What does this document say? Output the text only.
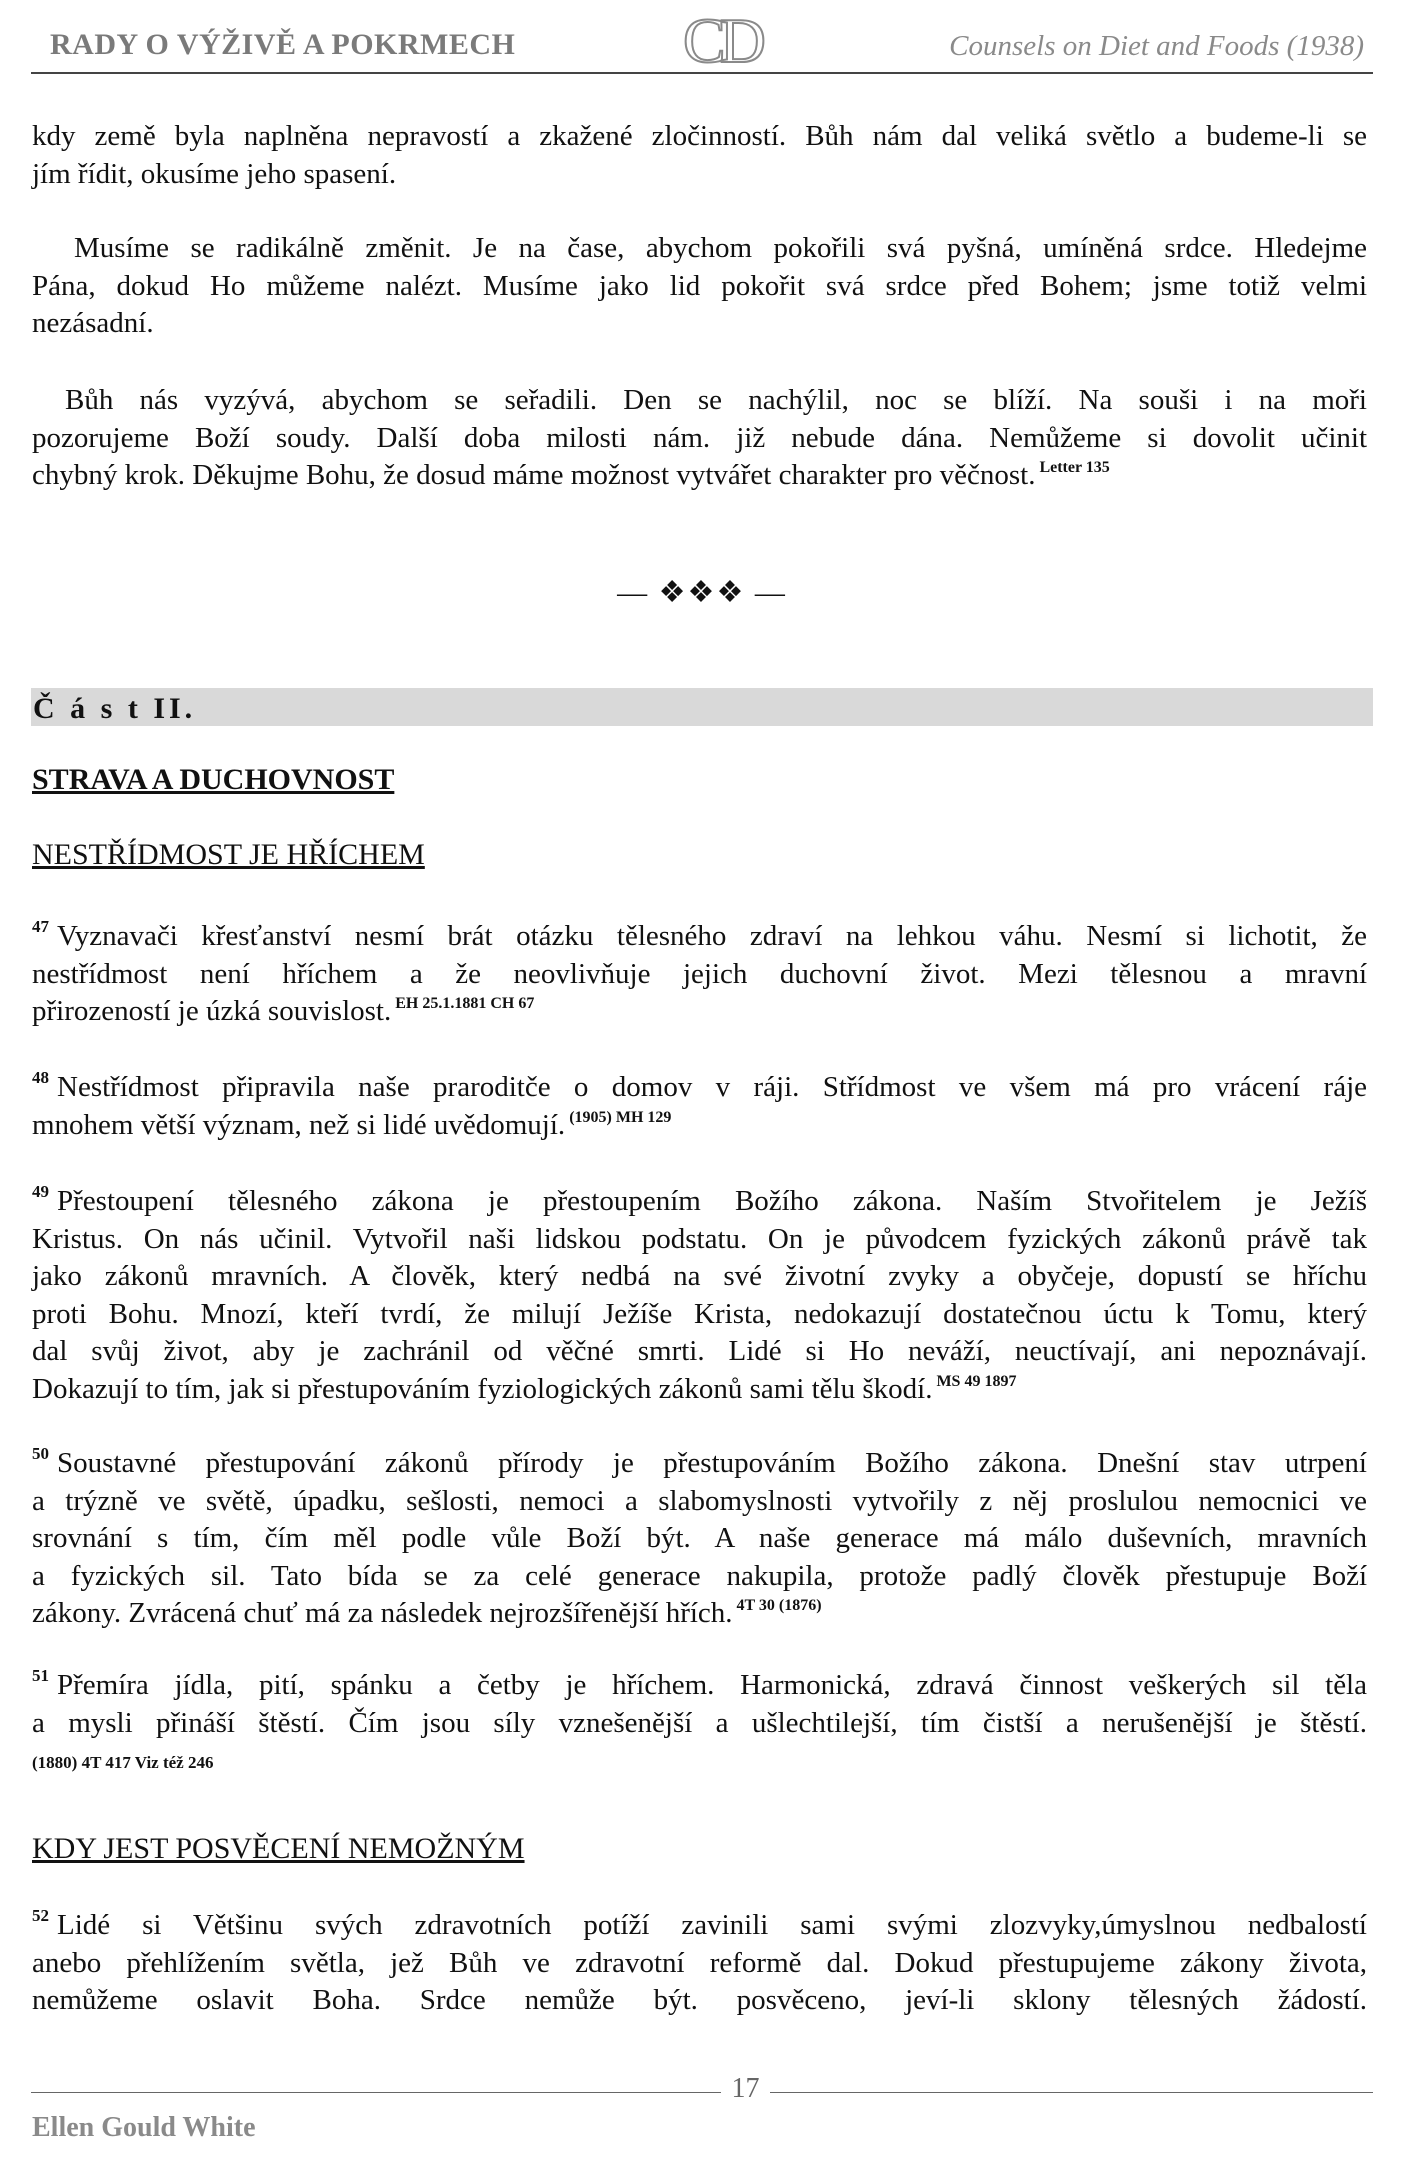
RADY O VÝŽIVĚ A POKRMECH	CD	Counsels on Diet and Foods (1938)
kdy země byla naplněna nepravostí a zkažené zločinností. Bůh nám dal veliká světlo a budeme-li se
jím řídit, okusíme jeho spasení.
Musíme se radikálně změnit. Je na čase, abychom pokořili svá pyšná, umíněná srdce. Hledejme
Pána, dokud Ho můžeme nalézt. Musíme jako lid pokořit svá srdce před Bohem; jsme totiž velmi
nezásadní.
Bůh nás vyzývá, abychom se seřadili. Den se nachýlil, noc se blíží. Na souši i na moři
pozorujeme Boží soudy. Další doba milosti nám. již nebude dána. Nemůžeme si dovolit učinit
chybný krok. Děkujme Bohu, že dosud máme možnost vytvářet charakter pro věčnost. $^{Letter 135}$
— ❖❖❖ —
Č á s t II.
STRAVA A DUCHOVNOST
NESTŘÍDMOST JE HŘÍCHEM
$^{47}$ Vyznavači křesťanství nesmí brát otázku tělesného zdraví na lehkou váhu. Nesmí si lichotit, že
nestřídmost není hříchem a že neovlivňuje jejich duchovní život. Mezi tělesnou a mravní
přirozeností je úzká souvislost. $^{EH 25.1.1881 CH 67}$
$^{48}$ Nestřídmost připravila naše praroditče o domov v ráji. Střídmost ve všem má pro vrácení ráje
mnohem větší význam, než si lidé uvědomují. $^{(1905) MH 129}$
$^{49}$ Přestoupení tělesného zákona je přestoupením Božího zákona. Naším Stvořitelem je Ježíš
Kristus. On nás učinil. Vytvořil naši lidskou podstatu. On je původcem fyzických zákonů právě tak
jako zákonů mravních. A člověk, který nedbá na své životní zvyky a obyčeje, dopustí se hříchu
proti Bohu. Mnozí, kteří tvrdí, že milují Ježíše Krista, nedokazují dostatečnou úctu k Tomu, který
dal svůj život, aby je zachránil od věčné smrti. Lidé si Ho neváží, neuctívají, ani nepoznávají.
Dokazují to tím, jak si přestupováním fyziologických zákonů sami tělu škodí. $^{MS 49 1897}$
$^{50}$ Soustavné přestupování zákonů přírody je přestupováním Božího zákona. Dnešní stav utrpení
a trýzně ve světě, úpadku, sešlosti, nemoci a slabomyslnosti vytvořily z něj proslulou nemocnici ve
srovnání s tím, čím měl podle vůle Boží být. A naše generace má málo duševních, mravních
a fyzických sil. Tato bída se za celé generace nakupila, protože padlý člověk přestupuje Boží
zákony. Zvrácená chuť má za následek nejrozšířenější hřích. $^{4T 30 (1876)}$
$^{51}$ Přemíra jídla, pití, spánku a četby je hříchem. Harmonická, zdravá činnost veškerých sil těla
a mysli přináší štěstí. Čím jsou síly vznešenější a ušlechtilejší, tím čistší a nerušenější je štěstí.
(1880) 4T 417 Viz též 246
KDY JEST POSVĚCENÍ NEMOŽNÝM
$^{52}$ Lidé si Většinu svých zdravotních potíží zavinili sami svými zlozvyky,úmyslnou nedbalostí
anebo přehlížením světla, jež Bůh ve zdravotní reformě dal. Dokud přestupujeme zákony života,
nemůžeme oslavit Boha. Srdce nemůže být. posvěceno, jeví-li sklony tělesných žádostí.
17
Ellen Gould White
